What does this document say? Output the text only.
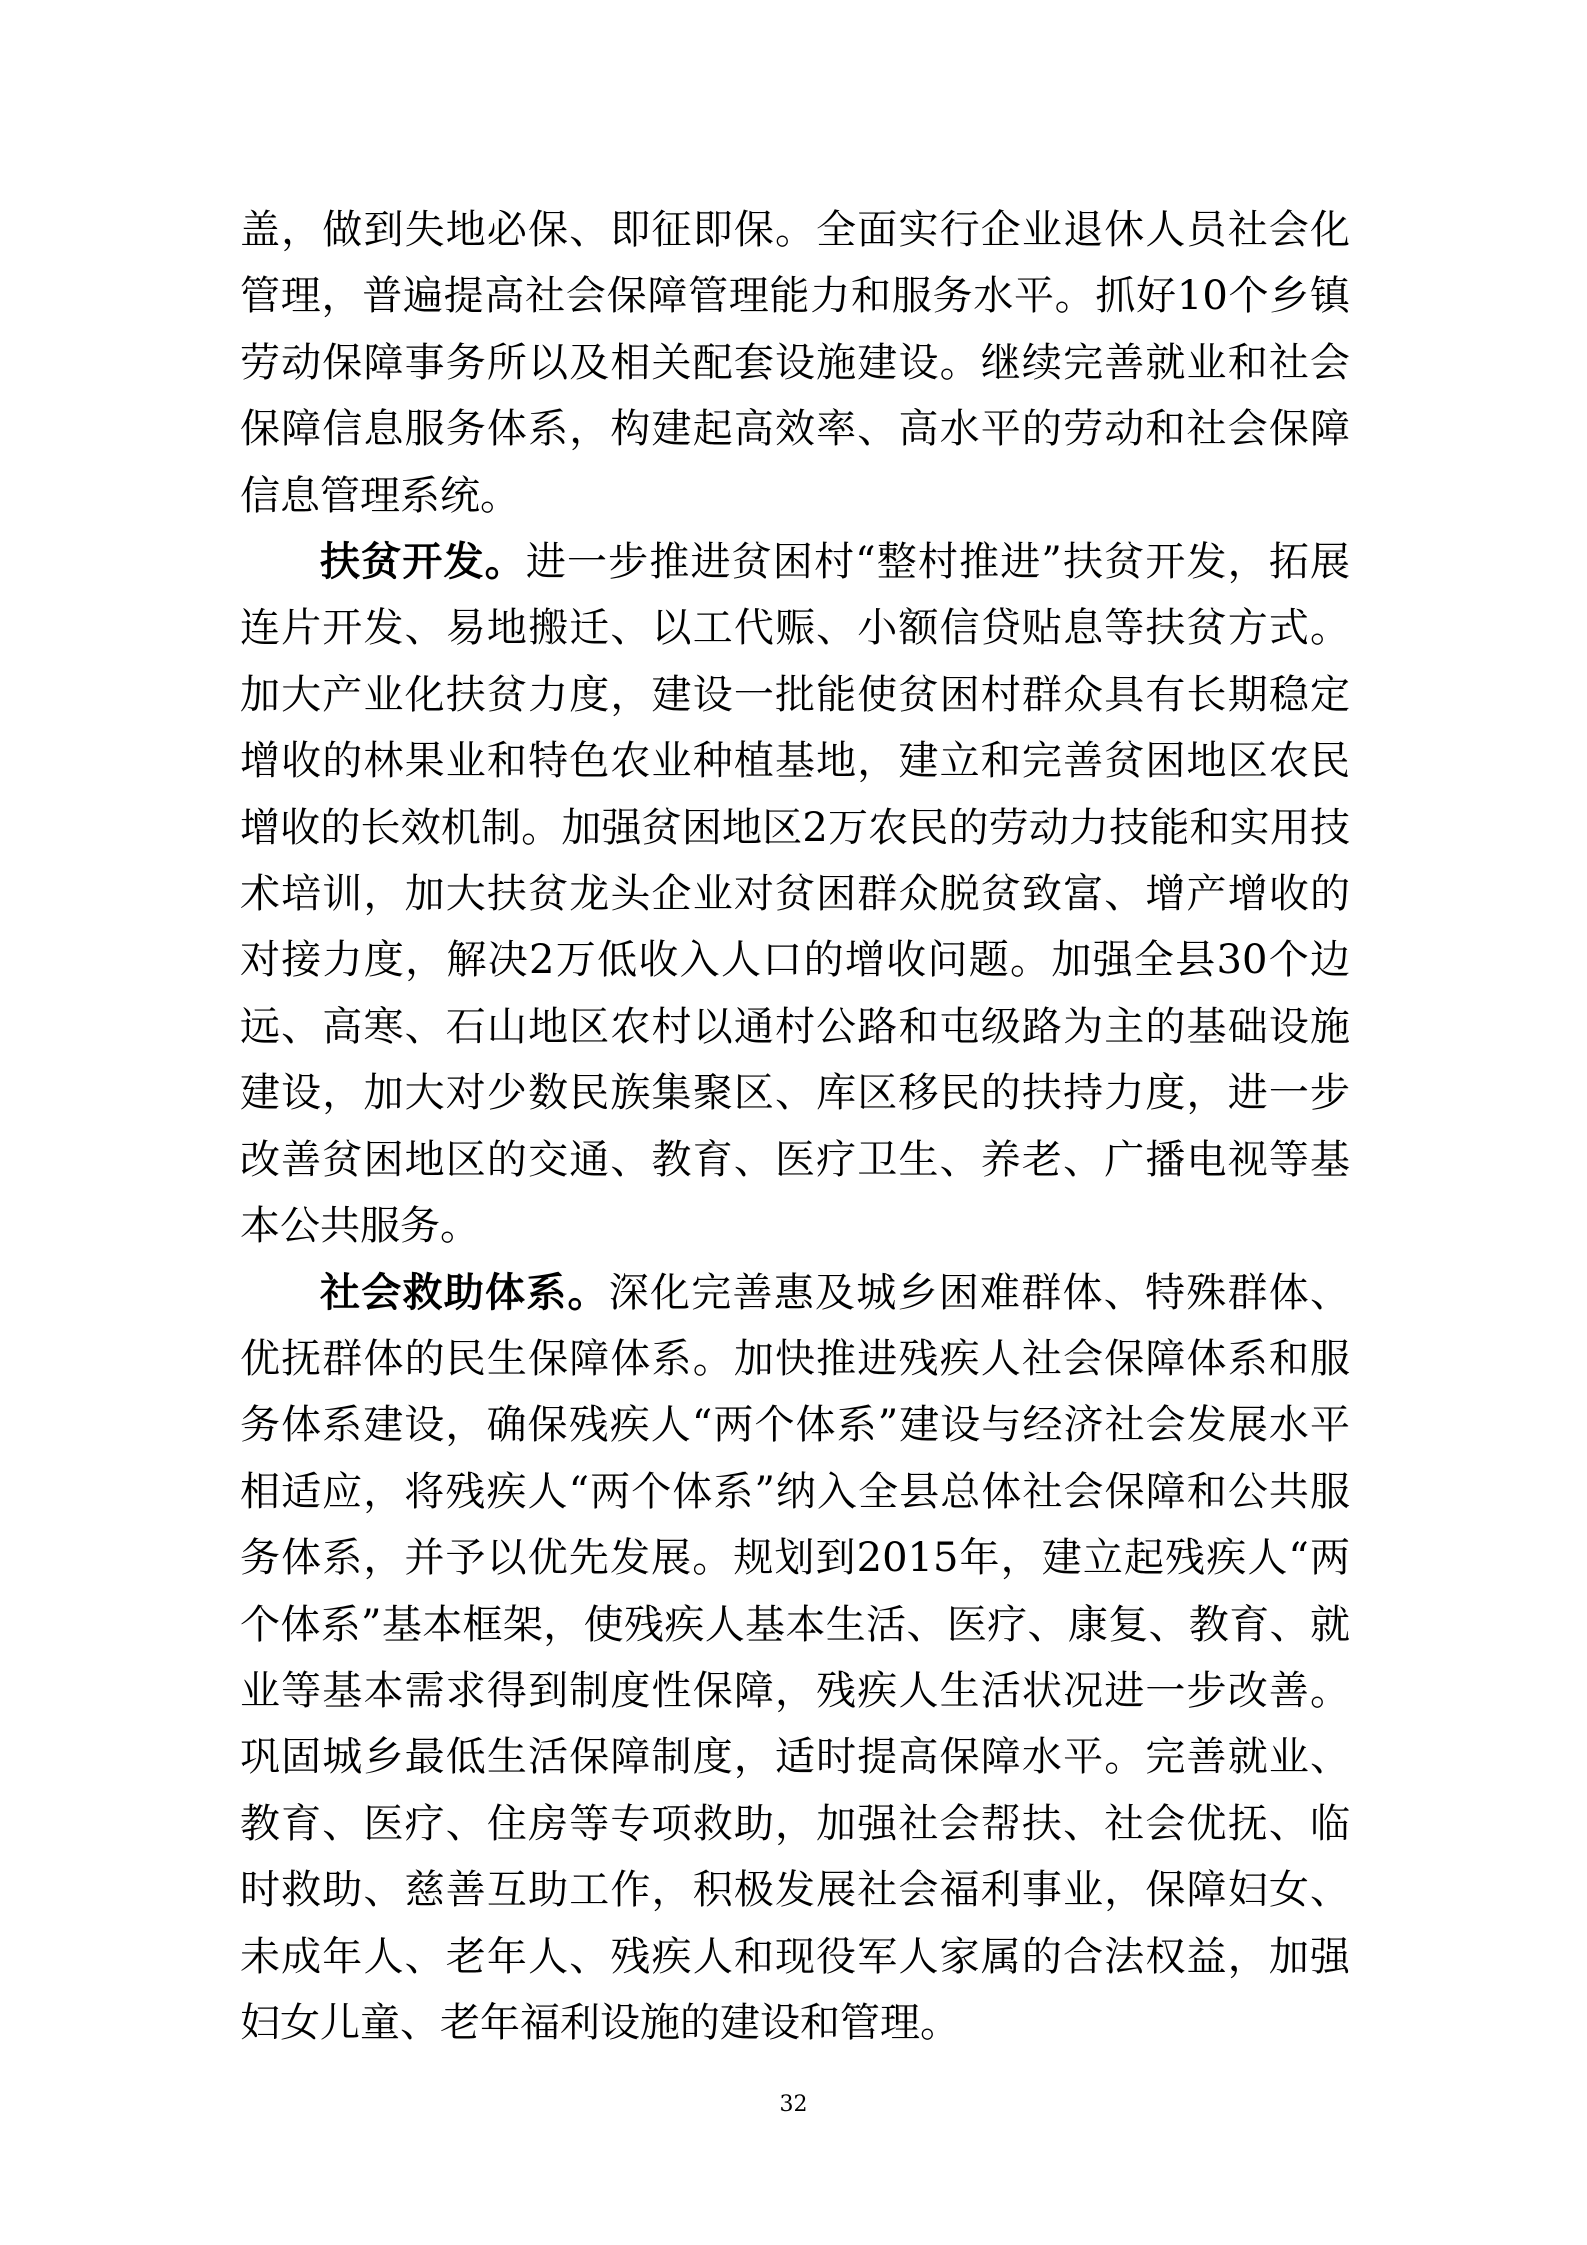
盖，做到失地必保、即征即保。全面实行企业退休人员社会化管理，普遍提高社会保障管理能力和服务水平。抓好10个乡镇劳动保障事务所以及相关配套设施建设。继续完善就业和社会保障信息服务体系，构建起高效率、高水平的劳动和社会保障信息管理系统。

扶贫开发。进一步推进贫困村“整村推进”扶贫开发，拓展连片开发、易地搬迁、以工代赈、小额信贷贴息等扶贫方式。加大产业化扶贫力度，建设一批能使贫困村群众具有长期稳定增收的林果业和特色农业种植基地，建立和完善贫困地区农民增收的长效机制。加强贫困地区2万农民的劳动力技能和实用技术培训，加大扶贫龙头企业对贫困群众脱贫致富、增产增收的对接力度，解决2万低收入人口的增收问题。加强全县30个边远、高寒、石山地区农村以通村公路和屯级路为主的基础设施建设，加大对少数民族集聚区、库区移民的扶持力度，进一步改善贫困地区的交通、教育、医疗卫生、养老、广播电视等基本公共服务。

社会救助体系。深化完善惠及城乡困难群体、特殊群体、优抚群体的民生保障体系。加快推进残疾人社会保障体系和服务体系建设，确保残疾人“两个体系”建设与经济社会发展水平相适应，将残疾人“两个体系”纳入全县总体社会保障和公共服务体系，并予以优先发展。规划到2015年，建立起残疾人“两个体系”基本框架，使残疾人基本生活、医疗、康复、教育、就业等基本需求得到制度性保障，残疾人生活状况进一步改善。巩固城乡最低生活保障制度，适时提高保障水平。完善就业、教育、医疗、住房等专项救助，加强社会帮扶、社会优抚、临时救助、慈善互助工作，积极发展社会福利事业，保障妇女、未成年人、老年人、残疾人和现役军人家属的合法权益，加强妇女儿童、老年福利设施的建设和管理。

32
